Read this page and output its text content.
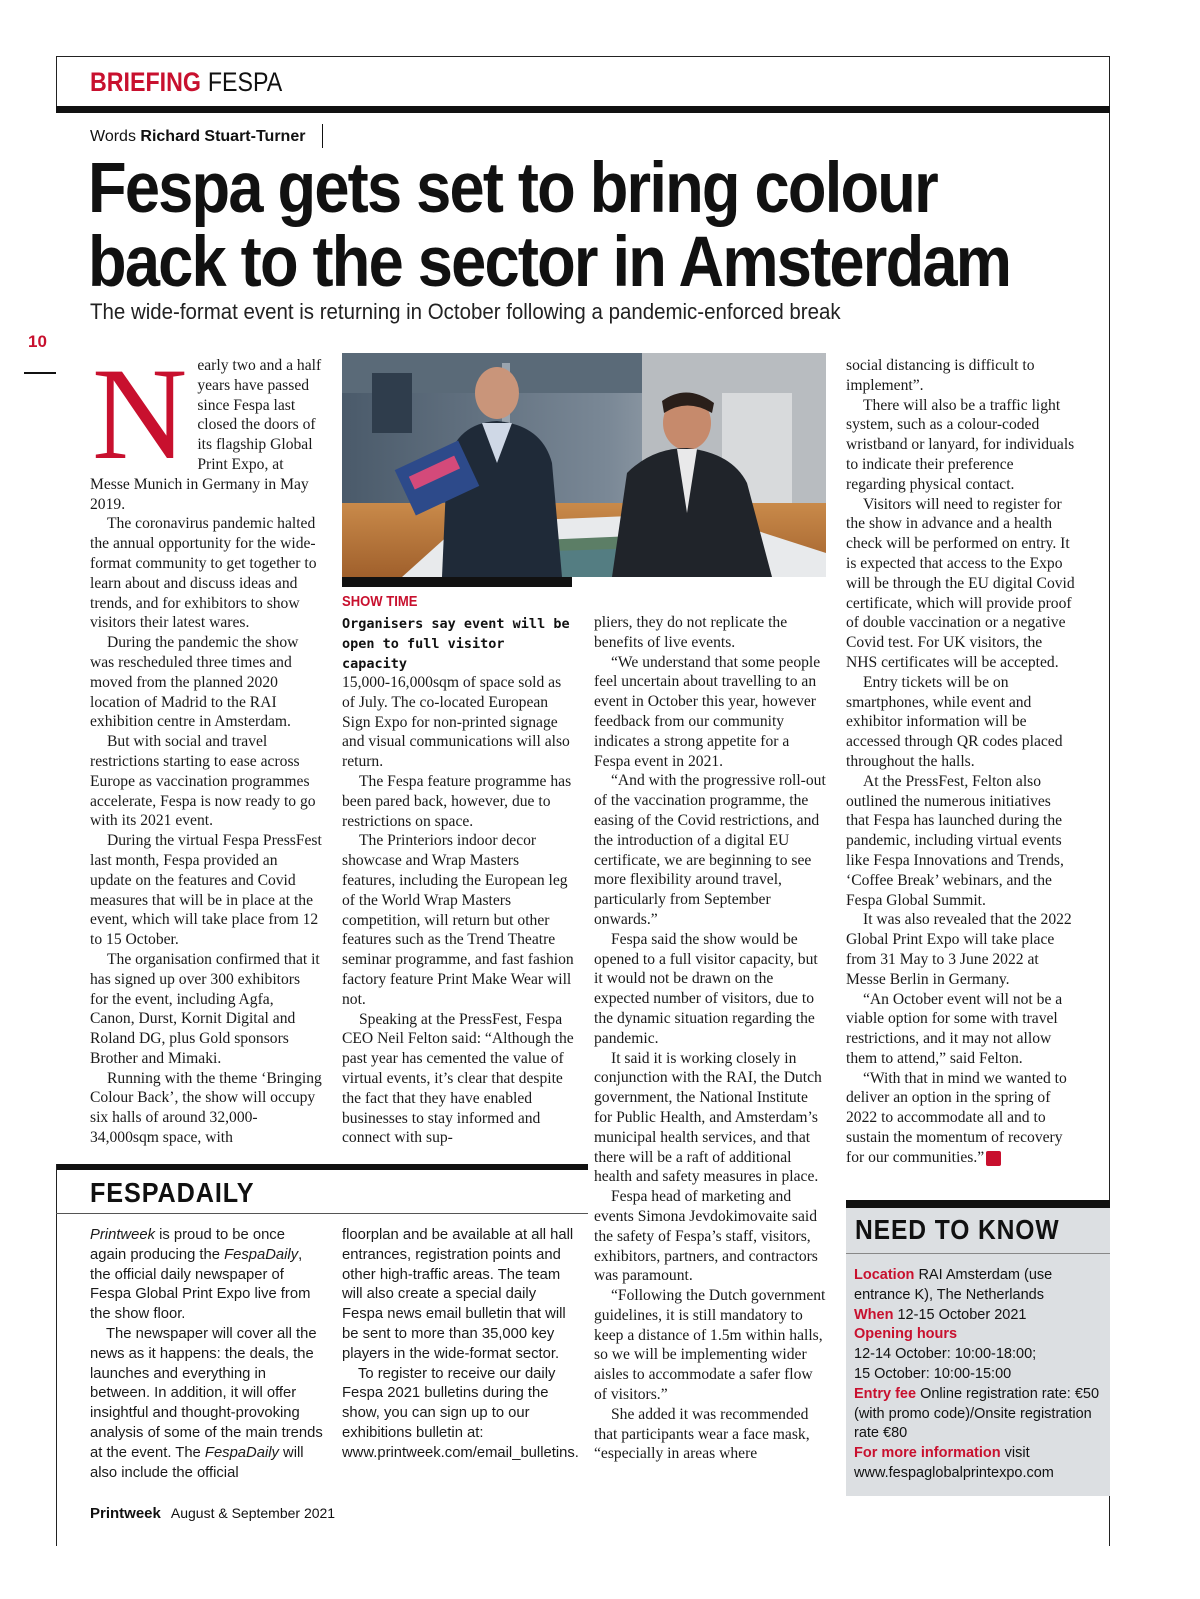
BRIEFING FESPA
Words Richard Stuart-Turner
Fespa gets set to bring colour
back to the sector in Amsterdam
The wide-format event is returning in October following a pandemic-enforced break
10 N early two and a half years have passed since Fespa last closed the doors of its flagship Global Print Expo, at Messe Munich in Germany in May 2019.

The coronavirus pandemic halted the annual opportunity for the wide-format community to get together to learn about and discuss ideas and trends, and for exhibitors to show visitors their latest wares.

During the pandemic the show was rescheduled three times and moved from the planned 2020 location of Madrid to the RAI exhibition centre in Amsterdam.

But with social and travel restrictions starting to ease across Europe as vaccination programmes accelerate, Fespa is now ready to go with its 2021 event.

During the virtual Fespa PressFest last month, Fespa provided an update on the features and Covid measures that will be in place at the event, which will take place from 12 to 15 October.

The organisation confirmed that it has signed up over 300 exhibitors for the event, including Agfa, Canon, Durst, Kornit Digital and Roland DG, plus Gold sponsors Brother and Mimaki.

Running with the theme ‘Bringing Colour Back’, the show will occupy six halls of around 32,000-34,000sqm space, with

SHOW TIME
Organisers say event will be open to full visitor capacity

15,000-16,000sqm of space sold as of July. The co-located European Sign Expo for non-printed signage and visual communications will also return.

The Fespa feature programme has been pared back, however, due to restrictions on space.

The Printeriors indoor decor showcase and Wrap Masters features, including the European leg of the World Wrap Masters competition, will return but other features such as the Trend Theatre seminar programme, and fast fashion factory feature Print Make Wear will not.

Speaking at the PressFest, Fespa CEO Neil Felton said: “Although the past year has cemented the value of virtual events, it’s clear that despite the fact that they have enabled businesses to stay informed and connect with sup-

pliers, they do not replicate the benefits of live events.

“We understand that some people feel uncertain about travelling to an event in October this year, however feedback from our community indicates a strong appetite for a Fespa event in 2021.

“And with the progressive roll-out of the vaccination programme, the easing of the Covid restrictions, and the introduction of a digital EU certificate, we are beginning to see more flexibility around travel, particularly from September onwards.”

Fespa said the show would be opened to a full visitor capacity, but it would not be drawn on the expected number of visitors, due to the dynamic situation regarding the pandemic.

It said it is working closely in conjunction with the RAI, the Dutch government, the National Institute for Public Health, and Amsterdam’s municipal health services, and that there will be a raft of additional health and safety measures in place.

Fespa head of marketing and events Simona Jevdokimovaite said the safety of Fespa’s staff, visitors, exhibitors, partners, and contractors was paramount.

“Following the Dutch government guidelines, it is still mandatory to keep a distance of 1.5m within halls, so we will be implementing wider aisles to accommodate a safer flow of visitors.”

She added it was recommended that participants wear a face mask, “especially in areas where

social distancing is difficult to implement”.

There will also be a traffic light system, such as a colour-coded wristband or lanyard, for individuals to indicate their preference regarding physical contact.

Visitors will need to register for the show in advance and a health check will be performed on entry. It is expected that access to the Expo will be through the EU digital Covid certificate, which will provide proof of double vaccination or a negative Covid test. For UK visitors, the NHS certificates will be accepted.

Entry tickets will be on smartphones, while event and exhibitor information will be accessed through QR codes placed throughout the halls.

At the PressFest, Felton also outlined the numerous initiatives that Fespa has launched during the pandemic, including virtual events like Fespa Innovations and Trends, ‘Coffee Break’ webinars, and the Fespa Global Summit.

It was also revealed that the 2022 Global Print Expo will take place from 31 May to 3 June 2022 at Messe Berlin in Germany.

“An October event will not be a viable option for some with travel restrictions, and it may not allow them to attend,” said Felton.

“With that in mind we wanted to deliver an option in the spring of 2022 to accommodate all and to sustain the momentum of recovery for our communities.” P

FESPADAILY

Printweek is proud to be once again producing the FespaDaily, the official daily newspaper of Fespa Global Print Expo live from the show floor.

The newspaper will cover all the news as it happens: the deals, the launches and everything in between. In addition, it will offer insightful and thought-provoking analysis of some of the main trends at the event. The FespaDaily will also include the official

floorplan and be available at all hall entrances, registration points and other high-traffic areas. The team will also create a special daily Fespa news email bulletin that will be sent to more than 35,000 key players in the wide-format sector.

To register to receive our daily Fespa 2021 bulletins during the show, you can sign up to our exhibitions bulletin at: www.printweek.com/email_bulletins.

NEED TO KNOW
Location RAI Amsterdam (use entrance K), The Netherlands
When 12-15 October 2021
Opening hours
12-14 October: 10:00-18:00;
15 October: 10:00-15:00
Entry fee Online registration rate: €50 (with promo code)/Onsite registration rate €80
For more information visit www.fespaglobalprintexpo.com
Printweek August & September 2021
